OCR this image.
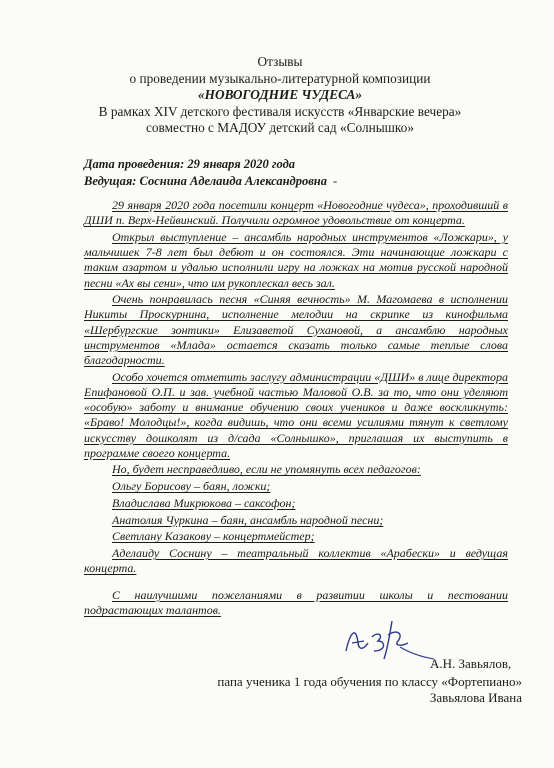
Отзывы
о проведении музыкально-литературной композиции
«НОВОГОДНИЕ ЧУДЕСА»
В рамках XIV детского фестиваля искусств «Январские вечера»
совместно с МАДОУ детский сад «Солнышко»
Дата проведения: 29 января 2020 года
Ведущая: Соснина Аделаида Александровна -

29 января 2020 года посетили концерт «Новогодние чудеса», проходивший в ДШИ п. Верх-Нейвинский. Получили огромное удовольствие от концерта.

Открыл выступление – ансамбль народных инструментов «Ложкари», у мальчишек 7-8 лет был дебют и он состоялся. Эти начинающие ложкари с таким азартом и удалью исполнили игру на ложках на мотив русской народной песни «Ах вы сени», что им рукоплескал весь зал.

Очень понравилась песня «Синяя вечность» М. Магомаева в исполнении Никиты Проскурнина, исполнение мелодии на скрипке из кинофильма «Шербургские зонтики» Елизаветой Сухановой, а ансамблю народных инструментов «Млада» остается сказать только самые теплые слова благодарности.

Особо хочется отметить заслугу администрации «ДШИ» в лице директора Епифановой О.П. и зав. учебной частью Маловой О.В. за то, что они уделяют «особую» заботу и внимание обучению своих учеников и даже воскликнуть: «Браво! Молодцы!», когда видишь, что они всеми усилиями тянут к светлому искусству дошколят из д/сада «Солнышко», приглашая их выступить в программе своего концерта.

Но, будет несправедливо, если не упомянуть всех педагогов:

Ольгу Борисову – баян, ложки;

Владислава Микрюкова – саксофон;

Анатолия Чуркина – баян, ансамбль народной песни;

Светлану Казакову – концертмейстер;

Аделаиду Соснину – театральный коллектив «Арабески» и ведущая концерта.

С наилучшими пожеланиями в развитии школы и пестовании подрастающих талантов.

А.Н. Завьялов,
папа ученика 1 года обучения по классу «Фортепиано»
Завьялова Ивана
